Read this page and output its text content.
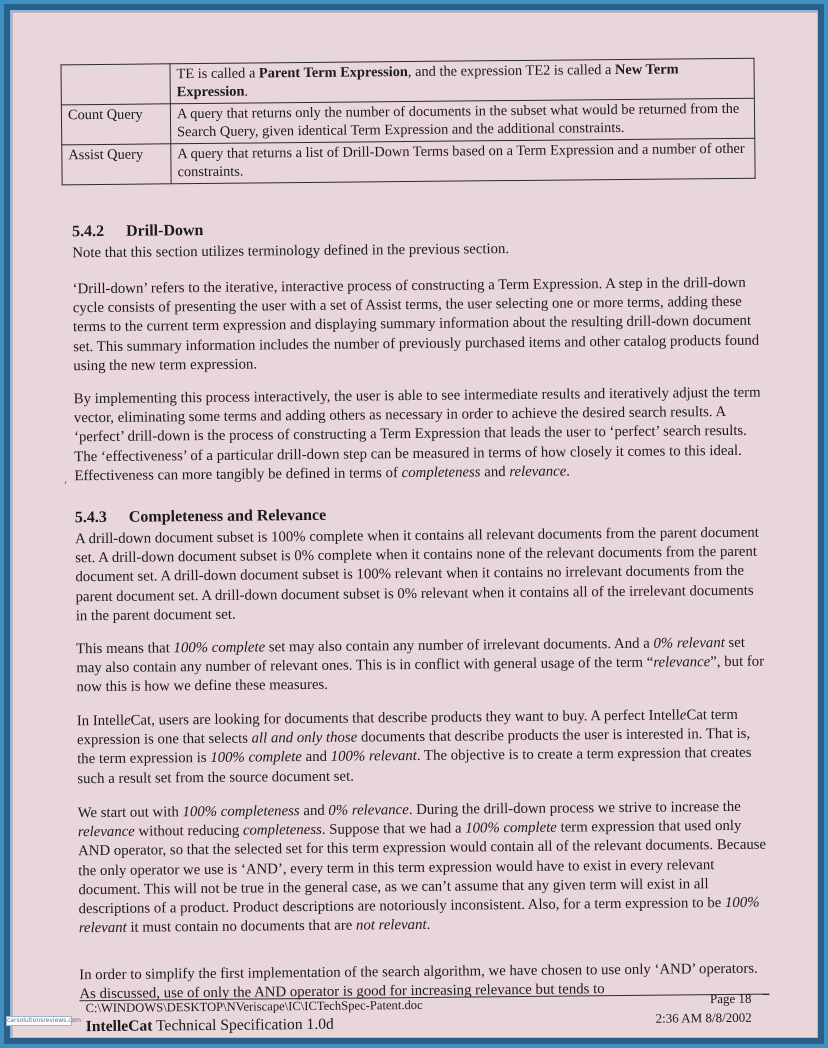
	TE is called a Parent Term Expression, and the expression TE2 is called a New Term Expression.
Count Query	A query that returns only the number of documents in the subset what would be returned from the Search Query, given identical Term Expression and the additional constraints.
Assist Query	A query that returns a list of Drill-Down Terms based on a Term Expression and a number of other constraints.
5.4.2 Drill-Down

Note that this section utilizes terminology defined in the previous section.

‘Drill-down’ refers to the iterative, interactive process of constructing a Term Expression. A step in the drill-down cycle consists of presenting the user with a set of Assist terms, the user selecting one or more terms, adding these terms to the current term expression and displaying summary information about the resulting drill-down document set. This summary information includes the number of previously purchased items and other catalog products found using the new term expression.

By implementing this process interactively, the user is able to see intermediate results and iteratively adjust the term vector, eliminating some terms and adding others as necessary in order to achieve the desired search results. A ‘perfect’ drill-down is the process of constructing a Term Expression that leads the user to ‘perfect’ search results. The ‘effectiveness’ of a particular drill-down step can be measured in terms of how closely it comes to this ideal. Effectiveness can more tangibly be defined in terms of completeness and relevance.

'
5.4.3 Completeness and Relevance

A drill-down document subset is 100% complete when it contains all relevant documents from the parent document set. A drill-down document subset is 0% complete when it contains none of the relevant documents from the parent document set. A drill-down document subset is 100% relevant when it contains no irrelevant documents from the parent document set. A drill-down document subset is 0% relevant when it contains all of the irrelevant documents in the parent document set.

This means that 100% complete set may also contain any number of irrelevant documents. And a 0% relevant set may also contain any number of relevant ones. This is in conflict with general usage of the term “relevance”, but for now this is how we define these measures.

In IntelleCat, users are looking for documents that describe products they want to buy. A perfect IntelleCat term expression is one that selects all and only those documents that describe products the user is interested in. That is, the term expression is 100% complete and 100% relevant. The objective is to create a term expression that creates such a result set from the source document set.

We start out with 100% completeness and 0% relevance. During the drill-down process we strive to increase the relevance without reducing completeness. Suppose that we had a 100% complete term expression that used only AND operator, so that the selected set for this term expression would contain all of the relevant documents. Because the only operator we use is ‘AND’, every term in this term expression would have to exist in every relevant document. This will not be true in the general case, as we can’t assume that any given term will exist in all descriptions of a product. Product descriptions are notoriously inconsistent. Also, for a term expression to be 100% relevant it must contain no documents that are not relevant.

In order to simplify the first implementation of the search algorithm, we have chosen to use only ‘AND’ operators. As discussed, use of only the AND operator is good for increasing relevance but tends to

C:\WINDOWS\DESKTOP\NVeriscape\IC\ICTechSpec-Patent.doc
IntelleCat Technical Specification 1.0d
Page 18
2:36 AM 8/8/2002
carsolutionsreviews.com
